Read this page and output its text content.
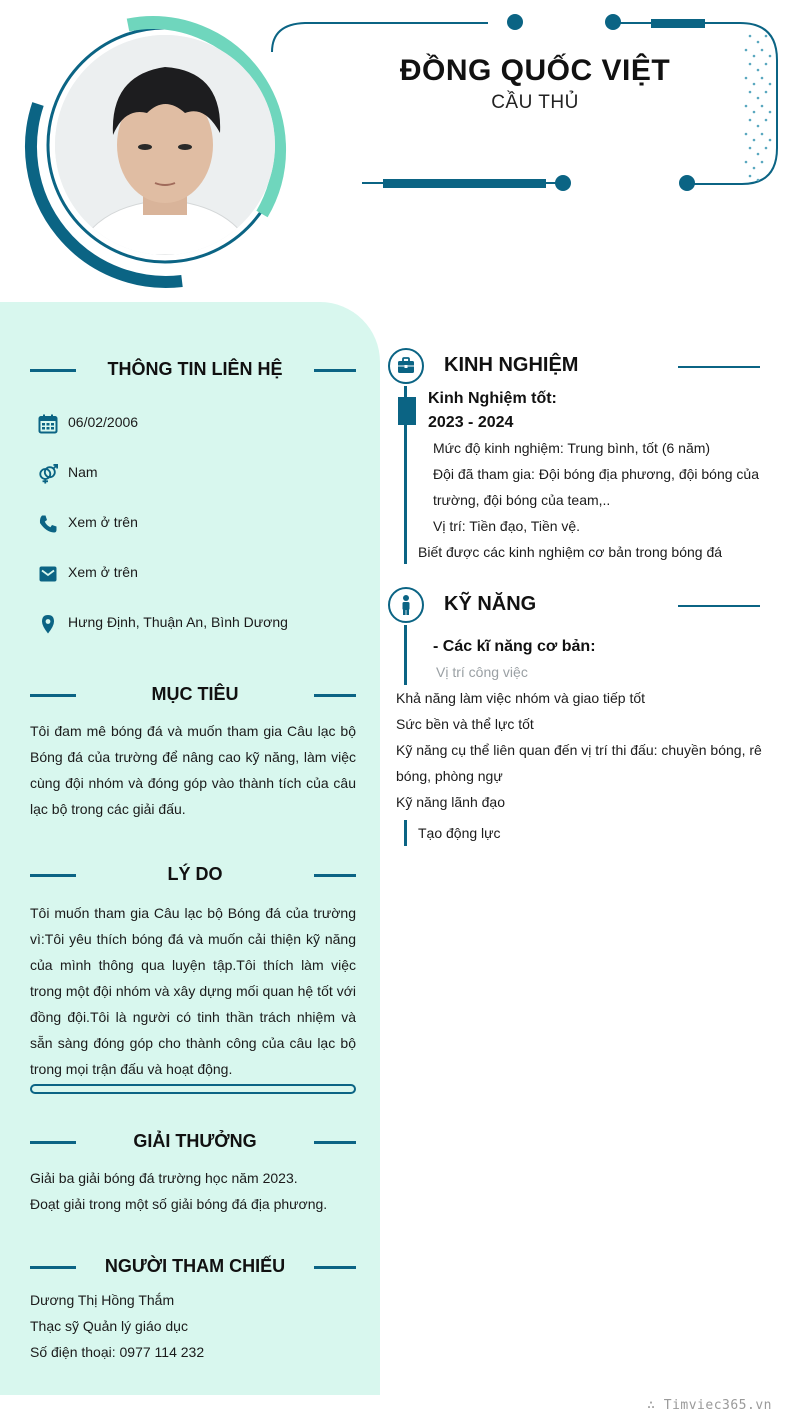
ĐỒNG QUỐC VIỆT
CẦU THỦ
THÔNG TIN LIÊN HỆ
06/02/2006
Nam
Xem ở trên
Xem ở trên
Hưng Định, Thuận An, Bình Dương
MỤC TIÊU
Tôi đam mê bóng đá và muốn tham gia Câu lạc bộ
Bóng đá của trường để nâng cao kỹ năng, làm việc
cùng đội nhóm và đóng góp vào thành tích của câu
lạc bộ trong các giải đấu.
LÝ DO
Tôi muốn tham gia Câu lạc bộ Bóng đá của trường
vì:Tôi yêu thích bóng đá và muốn cải thiện kỹ năng
của mình thông qua luyện tập.Tôi thích làm việc
trong một đội nhóm và xây dựng mối quan hệ tốt với
đồng đội.Tôi là người có tinh thần trách nhiệm và
sẵn sàng đóng góp cho thành công của câu lạc bộ
trong mọi trận đấu và hoạt động.
GIẢI THƯỞNG
Giải ba giải bóng đá trường học năm 2023.
Đoạt giải trong một số giải bóng đá địa phương.
NGƯỜI THAM CHIẾU
Dương Thị Hồng Thắm
Thạc sỹ Quản lý giáo dục
Số điện thoại: 0977 114 232
KINH NGHIỆM
Kinh Nghiệm tốt:
2023 - 2024
Mức độ kinh nghiệm: Trung bình, tốt (6 năm)
Đội đã tham gia: Đội bóng địa phương, đội bóng của
trường, đội bóng của team,..
Vị trí: Tiền đạo, Tiền vệ.
Biết được các kinh nghiệm cơ bản trong bóng đá
KỸ NĂNG
- Các kĩ năng cơ bản:
Vị trí công việc
Khả năng làm việc nhóm và giao tiếp tốt
Sức bền và thể lực tốt
Kỹ năng cụ thể liên quan đến vị trí thi đấu: chuyền bóng, rê
bóng, phòng ngự
Kỹ năng lãnh đạo
Tạo động lực
∴ Timviec365.vn
